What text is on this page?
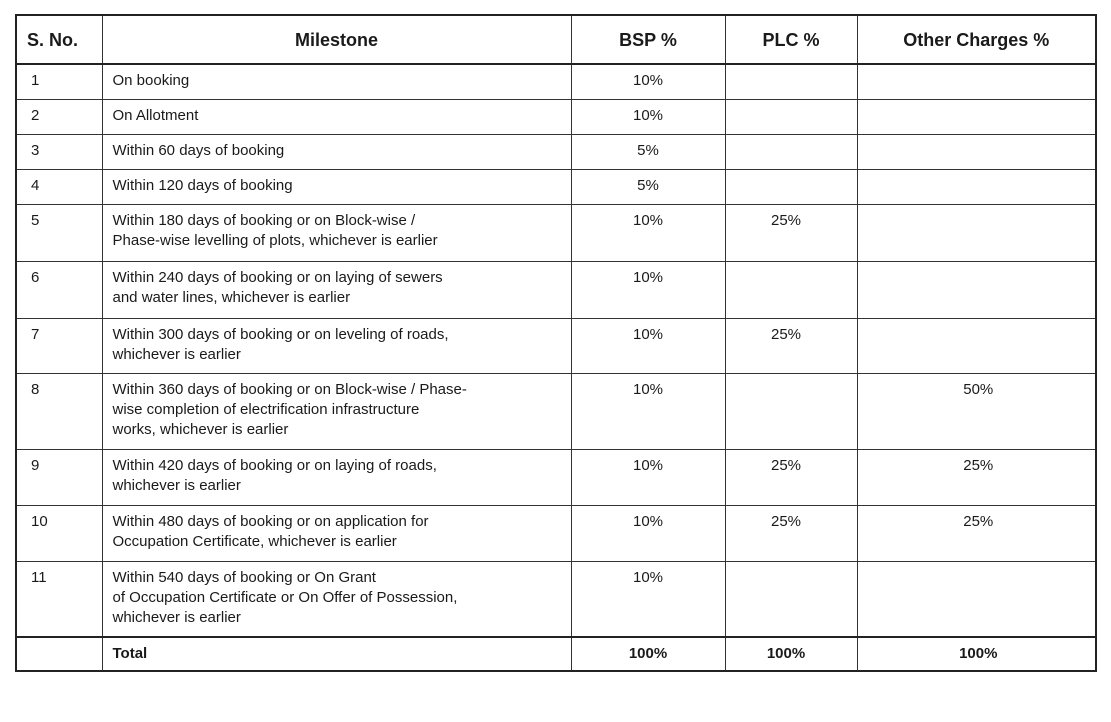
S. No.	Milestone	BSP %	PLC %	Other Charges %
1	On booking	10%		
2	On Allotment	10%		
3	Within 60 days of booking	5%		
4	Within 120 days of booking	5%		
5	Within 180 days of booking or on Block-wise /
Phase-wise levelling of plots, whichever is earlier	10%	25%	
6	Within 240 days of booking or on laying of sewers
and water lines, whichever is earlier	10%		
7	Within 300 days of booking or on leveling of roads,
whichever is earlier	10%	25%	
8	Within 360 days of booking or on Block-wise / Phase-
wise completion of electrification infrastructure
works, whichever is earlier	10%		50%
9	Within 420 days of booking or on laying of roads,
whichever is earlier	10%	25%	25%
10	Within 480 days of booking or on application for
Occupation Certificate, whichever is earlier	10%	25%	25%
11	Within 540 days of booking or On Grant
of Occupation Certificate or On Offer of Possession,
whichever is earlier	10%		
	Total	100%	100%	100%
